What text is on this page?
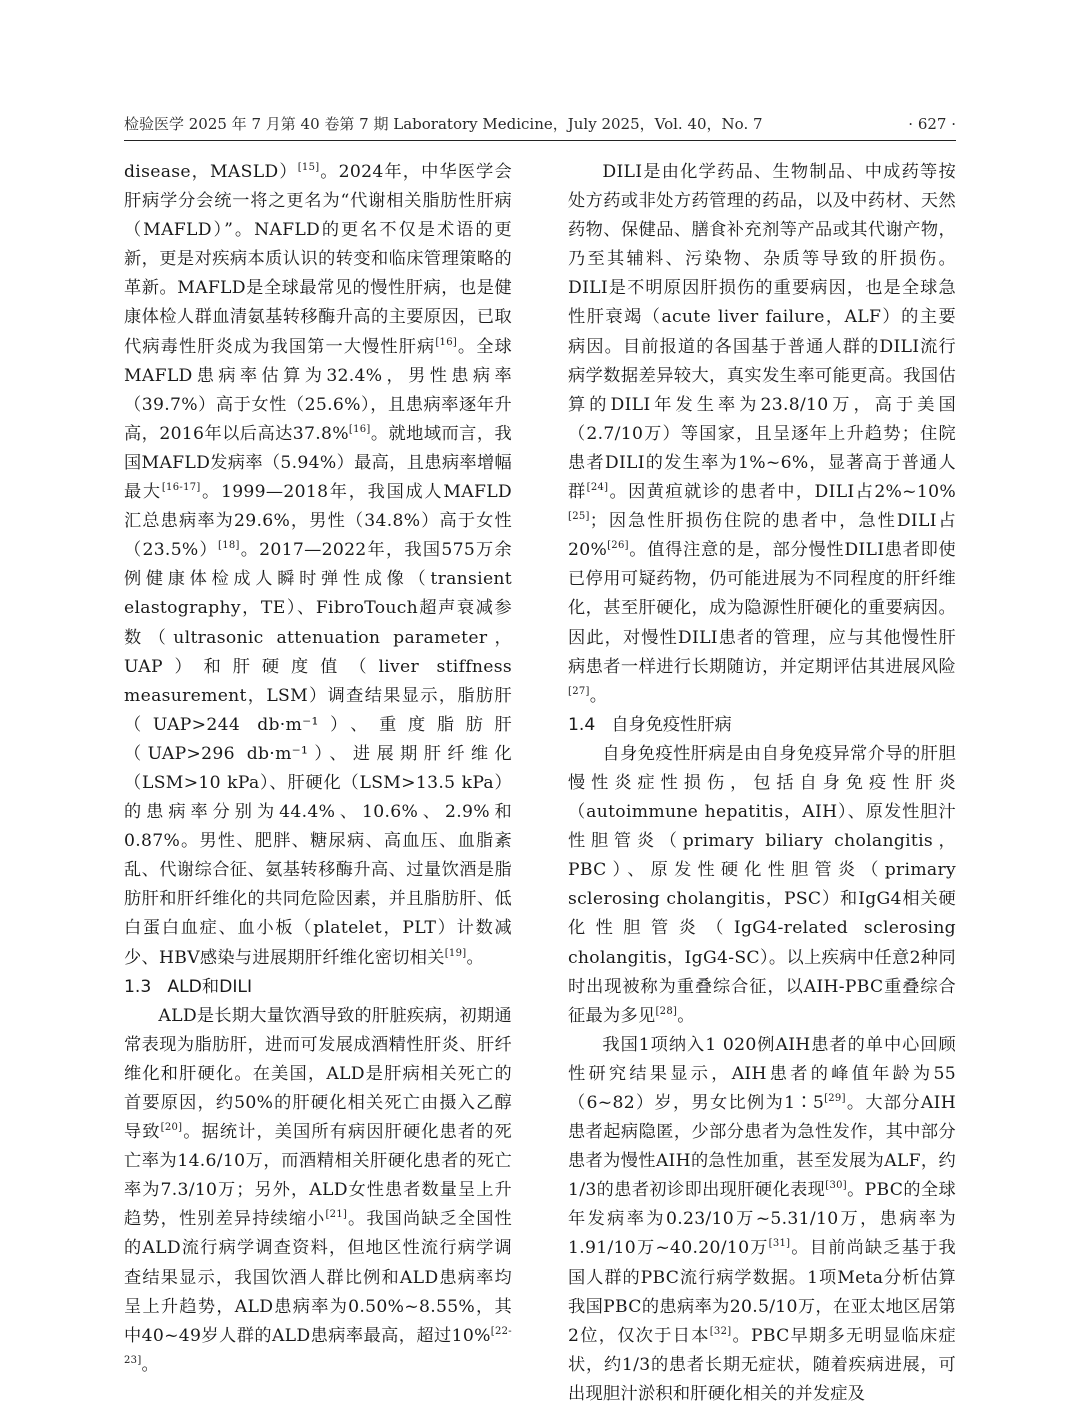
检验医学 2025 年 7 月第 40 卷第 7 期 Laboratory Medicine，July 2025，Vol. 40，No. 7	· 627 ·

disease，MASLD）[15]。2024年，中华医学会肝病学分会统一将之更名为“代谢相关脂肪性肝病（MAFLD）”。NAFLD的更名不仅是术语的更新，更是对疾病本质认识的转变和临床管理策略的革新。MAFLD是全球最常见的慢性肝病，也是健康体检人群血清氨基转移酶升高的主要原因，已取代病毒性肝炎成为我国第一大慢性肝病[16]。全球MAFLD患病率估算为32.4%，男性患病率（39.7%）高于女性（25.6%），且患病率逐年升高，2016年以后高达37.8%[16]。就地域而言，我国MAFLD发病率（5.94%）最高，且患病率增幅最大[16-17]。1999—2018年，我国成人MAFLD汇总患病率为29.6%，男性（34.8%）高于女性（23.5%）[18]。2017—2022年，我国575万余例健康体检成人瞬时弹性成像（transient elastography，TE）、FibroTouch超声衰减参数（ultrasonic attenuation parameter，UAP）和肝硬度值（liver stiffness measurement，LSM）调查结果显示，脂肪肝（UAP>244 db·m⁻¹）、重度脂肪肝（UAP>296 db·m⁻¹）、进展期肝纤维化（LSM>10 kPa）、肝硬化（LSM>13.5 kPa）的患病率分别为44.4%、10.6%、2.9%和0.87%。男性、肥胖、糖尿病、高血压、血脂紊乱、代谢综合征、氨基转移酶升高、过量饮酒是脂肪肝和肝纤维化的共同危险因素，并且脂肪肝、低白蛋白血症、血小板（platelet，PLT）计数减少、HBV感染与进展期肝纤维化密切相关[19]。

1.3 ALD和DILI

ALD是长期大量饮酒导致的肝脏疾病，初期通常表现为脂肪肝，进而可发展成酒精性肝炎、肝纤维化和肝硬化。在美国，ALD是肝病相关死亡的首要原因，约50%的肝硬化相关死亡由摄入乙醇导致[20]。据统计，美国所有病因肝硬化患者的死亡率为14.6/10万，而酒精相关肝硬化患者的死亡率为7.3/10万；另外，ALD女性患者数量呈上升趋势，性别差异持续缩小[21]。我国尚缺乏全国性的ALD流行病学调查资料，但地区性流行病学调查结果显示，我国饮酒人群比例和ALD患病率均呈上升趋势，ALD患病率为0.50%~8.55%，其中40~49岁人群的ALD患病率最高，超过10%[22-23]。

DILI是由化学药品、生物制品、中成药等按处方药或非处方药管理的药品，以及中药材、天然药物、保健品、膳食补充剂等产品或其代谢产物，乃至其辅料、污染物、杂质等导致的肝损伤。DILI是不明原因肝损伤的重要病因，也是全球急性肝衰竭（acute liver failure，ALF）的主要病因。目前报道的各国基于普通人群的DILI流行病学数据差异较大，真实发生率可能更高。我国估算的DILI年发生率为23.8/10万，高于美国（2.7/10万）等国家，且呈逐年上升趋势；住院患者DILI的发生率为1%~6%，显著高于普通人群[24]。因黄疸就诊的患者中，DILI占2%~10%[25]；因急性肝损伤住院的患者中，急性DILI占20%[26]。值得注意的是，部分慢性DILI患者即使已停用可疑药物，仍可能进展为不同程度的肝纤维化，甚至肝硬化，成为隐源性肝硬化的重要病因。因此，对慢性DILI患者的管理，应与其他慢性肝病患者一样进行长期随访，并定期评估其进展风险[27]。

1.4 自身免疫性肝病

自身免疫性肝病是由自身免疫异常介导的肝胆慢性炎症性损伤，包括自身免疫性肝炎（autoimmune hepatitis，AIH）、原发性胆汁性胆管炎（primary biliary cholangitis，PBC）、原发性硬化性胆管炎（primary sclerosing cholangitis，PSC）和IgG4相关硬化性胆管炎（IgG4-related sclerosing cholangitis，IgG4-SC）。以上疾病中任意2种同时出现被称为重叠综合征，以AIH-PBC重叠综合征最为多见[28]。

我国1项纳入1 020例AIH患者的单中心回顾性研究结果显示，AIH患者的峰值年龄为55（6~82）岁，男女比例为1∶5[29]。大部分AIH患者起病隐匿，少部分患者为急性发作，其中部分患者为慢性AIH的急性加重，甚至发展为ALF，约1/3的患者初诊即出现肝硬化表现[30]。PBC的全球年发病率为0.23/10万~5.31/10万，患病率为1.91/10万~40.20/10万[31]。目前尚缺乏基于我国人群的PBC流行病学数据。1项Meta分析估算我国PBC的患病率为20.5/10万，在亚太地区居第2位，仅次于日本[32]。PBC早期多无明显临床症状，约1/3的患者长期无症状，随着疾病进展，可出现胆汁淤积和肝硬化相关的并发症及
